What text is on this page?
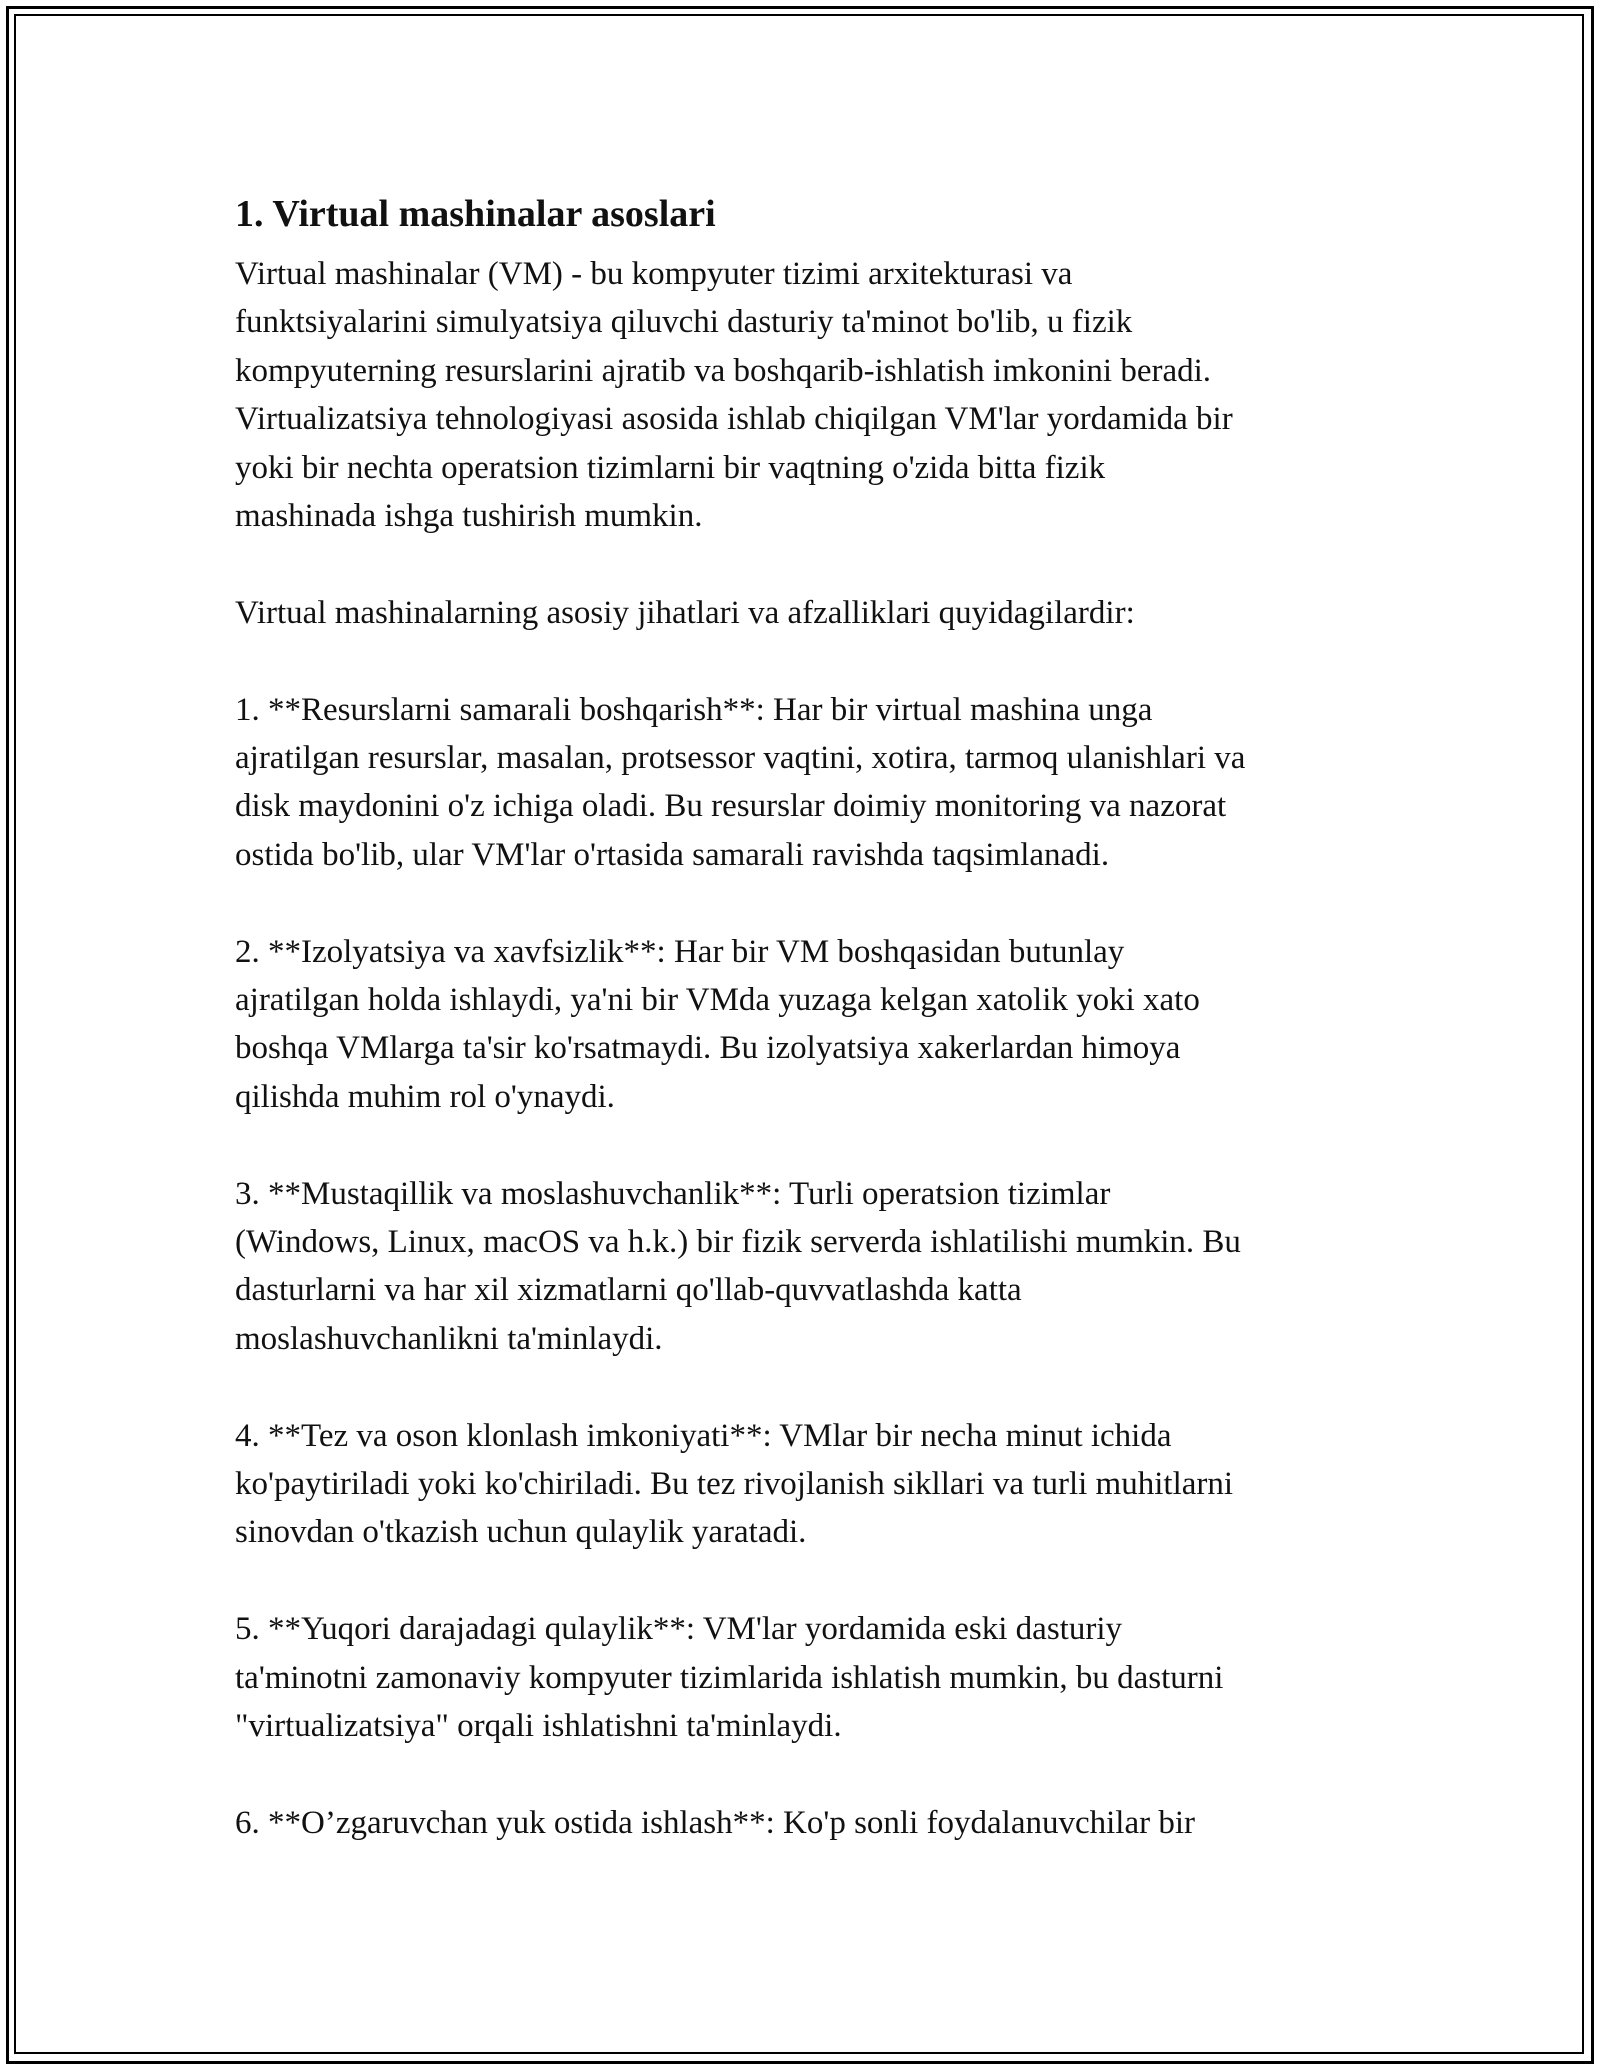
1. Virtual mashinalar asoslari

Virtual mashinalar (VM) - bu kompyuter tizimi arxitekturasi va
funktsiyalarini simulyatsiya qiluvchi dasturiy ta'minot bo'lib, u fizik
kompyuterning resurslarini ajratib va boshqarib-ishlatish imkonini beradi.
Virtualizatsiya tehnologiyasi asosida ishlab chiqilgan VM'lar yordamida bir
yoki bir nechta operatsion tizimlarni bir vaqtning o'zida bitta fizik
mashinada ishga tushirish mumkin.

Virtual mashinalarning asosiy jihatlari va afzalliklari quyidagilardir:

1. **Resurslarni samarali boshqarish**: Har bir virtual mashina unga
ajratilgan resurslar, masalan, protsessor vaqtini, xotira, tarmoq ulanishlari va
disk maydonini o'z ichiga oladi. Bu resurslar doimiy monitoring va nazorat
ostida bo'lib, ular VM'lar o'rtasida samarali ravishda taqsimlanadi.

2. **Izolyatsiya va xavfsizlik**: Har bir VM boshqasidan butunlay
ajratilgan holda ishlaydi, ya'ni bir VMda yuzaga kelgan xatolik yoki xato
boshqa VMlarga ta'sir ko'rsatmaydi. Bu izolyatsiya xakerlardan himoya
qilishda muhim rol o'ynaydi.

3. **Mustaqillik va moslashuvchanlik**: Turli operatsion tizimlar
(Windows, Linux, macOS va h.k.) bir fizik serverda ishlatilishi mumkin. Bu
dasturlarni va har xil xizmatlarni qo'llab-quvvatlashda katta
moslashuvchanlikni ta'minlaydi.

4. **Tez va oson klonlash imkoniyati**: VMlar bir necha minut ichida
ko'paytiriladi yoki ko'chiriladi. Bu tez rivojlanish sikllari va turli muhitlarni
sinovdan o'tkazish uchun qulaylik yaratadi.

5. **Yuqori darajadagi qulaylik**: VM'lar yordamida eski dasturiy
ta'minotni zamonaviy kompyuter tizimlarida ishlatish mumkin, bu dasturni
"virtualizatsiya" orqali ishlatishni ta'minlaydi.

6. **O’zgaruvchan yuk ostida ishlash**: Ko'p sonli foydalanuvchilar bir
